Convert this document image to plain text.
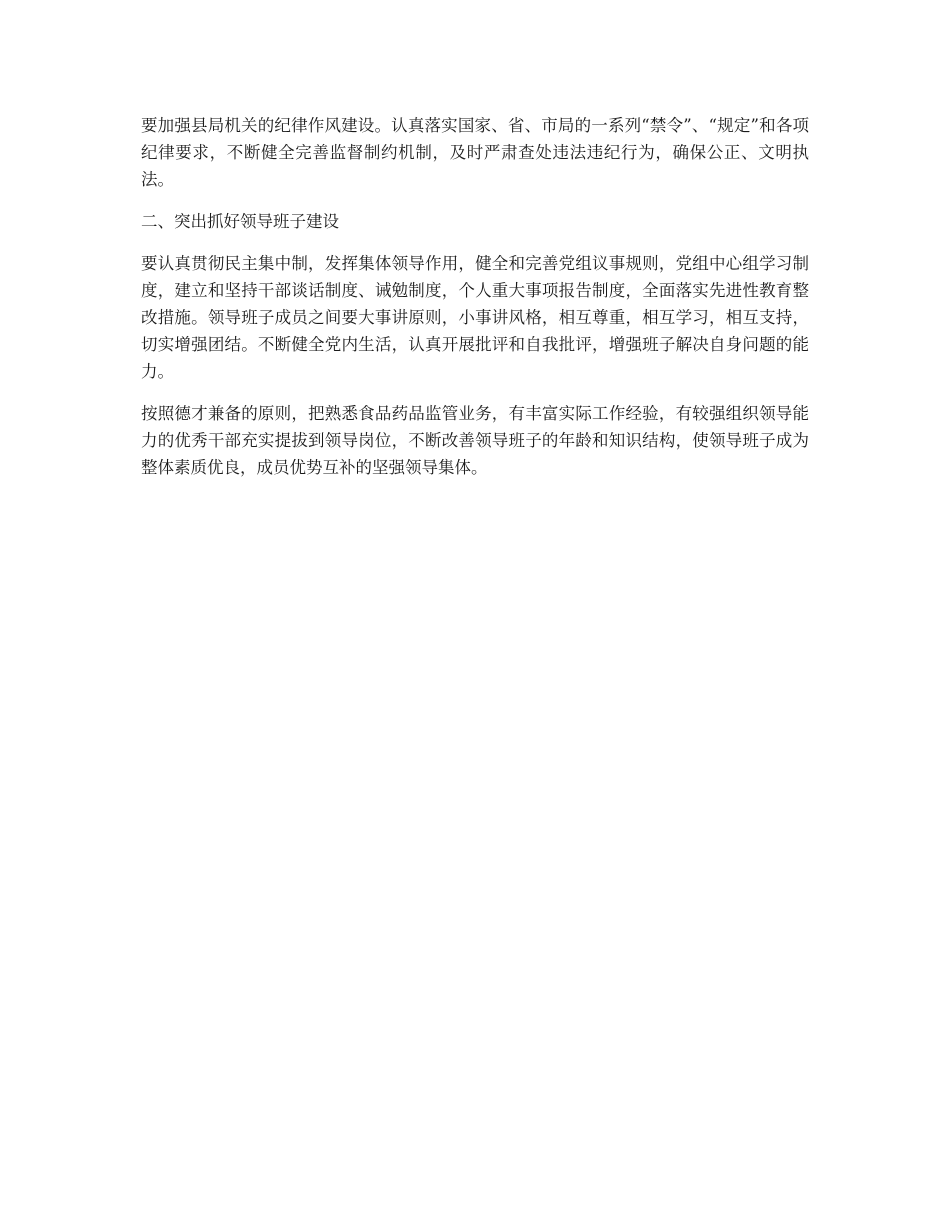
要加强县局机关的纪律作风建设。认真落实国家、省、市局的一系列“禁令”、“规定”和各项纪律要求，不断健全完善监督制约机制，及时严肃查处违法违纪行为，确保公正、文明执法。

二、突出抓好领导班子建设

要认真贯彻民主集中制，发挥集体领导作用，健全和完善党组议事规则，党组中心组学习制度，建立和坚持干部谈话制度、诫勉制度，个人重大事项报告制度，全面落实先进性教育整改措施。领导班子成员之间要大事讲原则，小事讲风格，相互尊重，相互学习，相互支持，切实增强团结。不断健全党内生活，认真开展批评和自我批评，增强班子解决自身问题的能力。

按照德才兼备的原则，把熟悉食品药品监管业务，有丰富实际工作经验，有较强组织领导能力的优秀干部充实提拔到领导岗位，不断改善领导班子的年龄和知识结构，使领导班子成为整体素质优良，成员优势互补的坚强领导集体。
